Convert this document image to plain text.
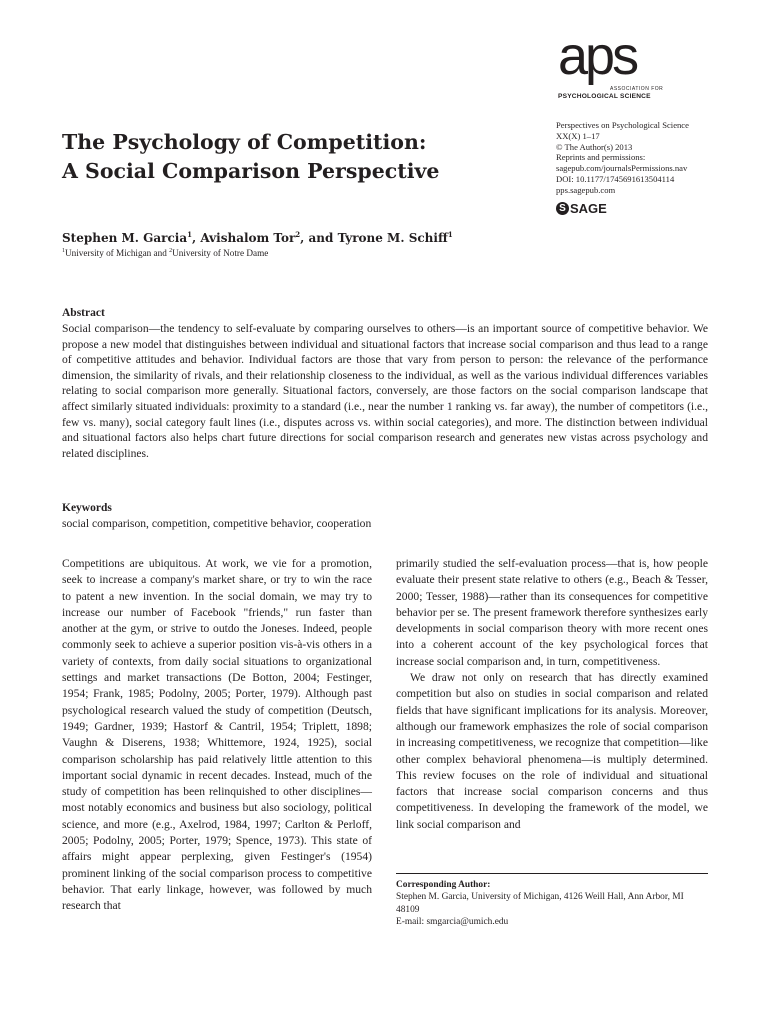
aps
ASSOCIATION FOR
PSYCHOLOGICAL SCIENCE
Perspectives on Psychological Science
XX(X) 1–17
© The Author(s) 2013
Reprints and permissions:
sagepub.com/journalsPermissions.nav
DOI: 10.1177/1745691613504114
pps.sagepub.com
S SAGE
The Psychology of Competition:
A Social Comparison Perspective
Stephen M. Garcia$^1$, Avishalom Tor$^2$, and Tyrone M. Schiff$^1$
$^1$University of Michigan and $^2$University of Notre Dame
Abstract

Social comparison—the tendency to self-evaluate by comparing ourselves to others—is an important source of competitive behavior. We propose a new model that distinguishes between individual and situational factors that increase social comparison and thus lead to a range of competitive attitudes and behavior. Individual factors are those that vary from person to person: the relevance of the performance dimension, the similarity of rivals, and their relationship closeness to the individual, as well as the various individual differences variables relating to social comparison more generally. Situational factors, conversely, are those factors on the social comparison landscape that affect similarly situated individuals: proximity to a standard (i.e., near the number 1 ranking vs. far away), the number of competitors (i.e., few vs. many), social category fault lines (i.e., disputes across vs. within social categories), and more. The distinction between individual and situational factors also helps chart future directions for social comparison research and generates new vistas across psychology and related disciplines.

Keywords
social comparison, competition, competitive behavior, cooperation

Competitions are ubiquitous. At work, we vie for a promotion, seek to increase a company's market share, or try to win the race to patent a new invention. In the social domain, we may try to increase our number of Facebook "friends," run faster than another at the gym, or strive to outdo the Joneses. Indeed, people commonly seek to achieve a superior position vis-à-vis others in a variety of contexts, from daily social situations to organizational settings and market transactions (De Botton, 2004; Festinger, 1954; Frank, 1985; Podolny, 2005; Porter, 1979). Although past psychological research valued the study of competition (Deutsch, 1949; Gardner, 1939; Hastorf & Cantril, 1954; Triplett, 1898; Vaughn & Diserens, 1938; Whittemore, 1924, 1925), social comparison scholarship has paid relatively little attention to this important social dynamic in recent decades. Instead, much of the study of competition has been relinquished to other disciplines—most notably economics and business but also sociology, political science, and more (e.g., Axelrod, 1984, 1997; Carlton & Perloff, 2005; Podolny, 2005; Porter, 1979; Spence, 1973). This state of affairs might appear perplexing, given Festinger's (1954) prominent linking of the social comparison process to competitive behavior. That early linkage, however, was followed by much research that

primarily studied the self-evaluation process—that is, how people evaluate their present state relative to others (e.g., Beach & Tesser, 2000; Tesser, 1988)—rather than its consequences for competitive behavior per se. The present framework therefore synthesizes early developments in social comparison theory with more recent ones into a coherent account of the key psychological forces that increase social comparison and, in turn, competitiveness.

We draw not only on research that has directly examined competition but also on studies in social comparison and related fields that have significant implications for its analysis. Moreover, although our framework emphasizes the role of social comparison in increasing competitiveness, we recognize that competition—like other complex behavioral phenomena—is multiply determined. This review focuses on the role of individual and situational factors that increase social comparison concerns and thus competitiveness. In developing the framework of the model, we link social comparison and

Corresponding Author:
Stephen M. Garcia, University of Michigan, 4126 Weill Hall, Ann Arbor, MI 48109
E-mail: smgarcia@umich.edu
